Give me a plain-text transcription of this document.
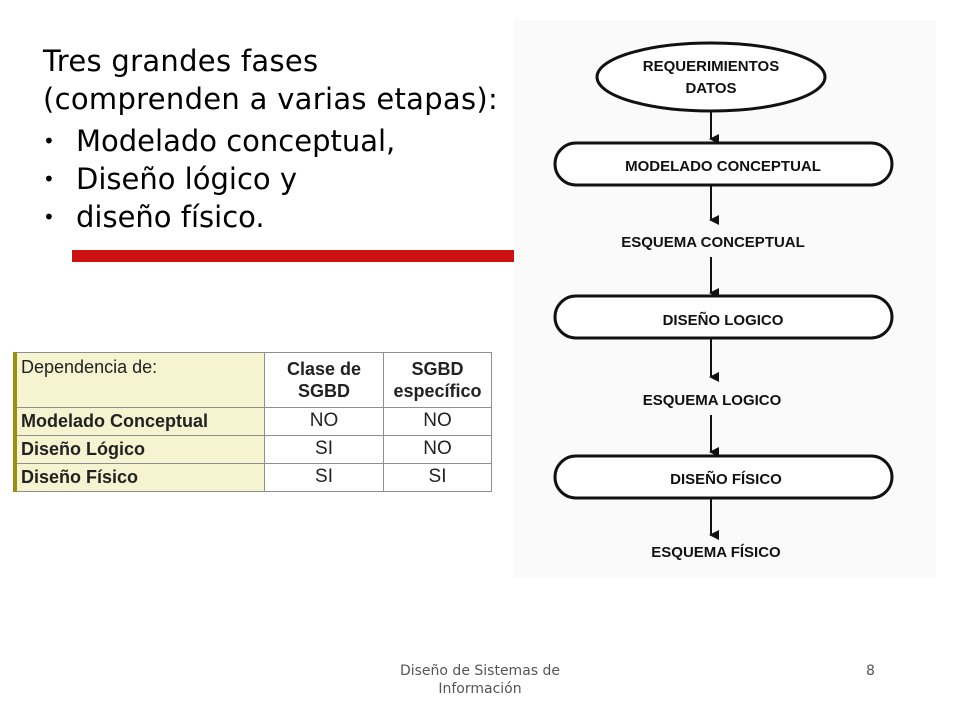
Tres grandes fases
(comprenden a varias etapas):
• Modelado conceptual,
• Diseño lógico y
• diseño físico.
REQUERIMIENTOS
DATOS
MODELADO CONCEPTUAL
ESQUEMA CONCEPTUAL
DISEÑO LOGICO
ESQUEMA LOGICO
DISEÑO FÍSICO
ESQUEMA FÍSICO
Dependencia de:	Clase de SGBD	SGBD específico
Modelado Conceptual	NO	NO
Diseño Lógico	SI	NO
Diseño Físico	SI	SI
Diseño de Sistemas de Información
8
